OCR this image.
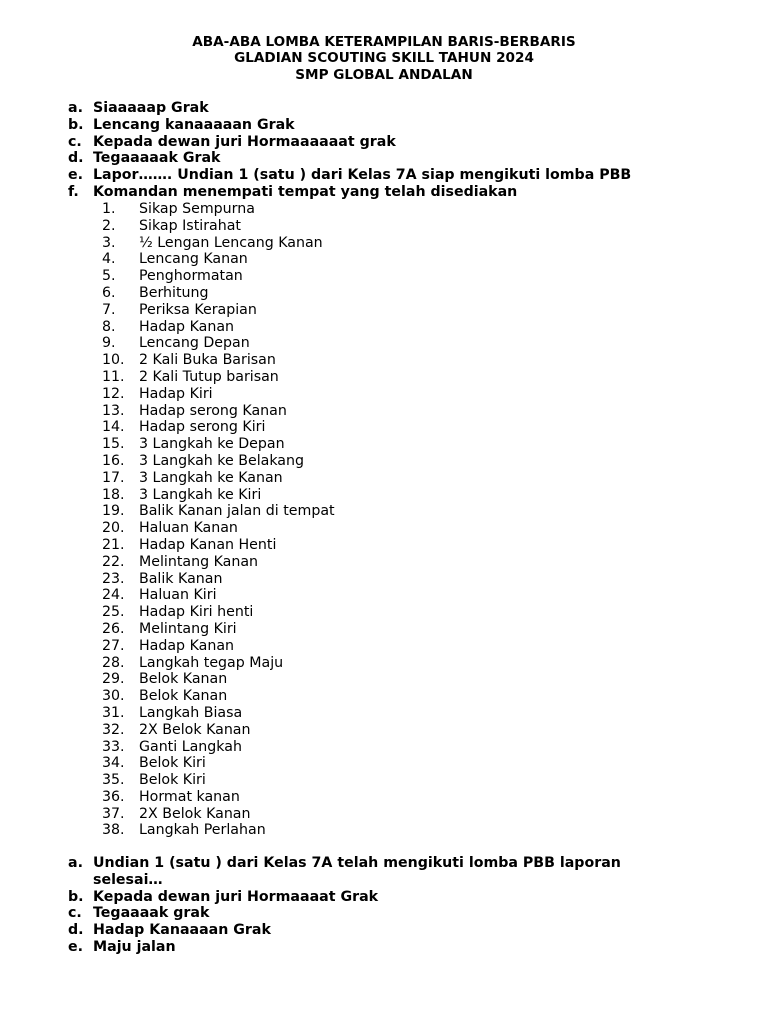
ABA-ABA LOMBA KETERAMPILAN BARIS-BERBARIS
GLADIAN SCOUTING SKILL TAHUN 2024
SMP GLOBAL ANDALAN
a. Siaaaaap Grak
b. Lencang kanaaaaan Grak
c. Kepada dewan juri Hormaaaaaat grak
d. Tegaaaaak Grak
e. Lapor……. Undian 1 (satu ) dari Kelas 7A siap mengikuti lomba PBB
f. Komandan menempati tempat yang telah disediakan
1. Sikap Sempurna
2. Sikap Istirahat
3. ½ Lengan Lencang Kanan
4. Lencang Kanan
5. Penghormatan
6. Berhitung
7. Periksa Kerapian
8. Hadap Kanan
9. Lencang Depan
10. 2 Kali Buka Barisan
11. 2 Kali Tutup barisan
12. Hadap Kiri
13. Hadap serong Kanan
14. Hadap serong Kiri
15. 3 Langkah ke Depan
16. 3 Langkah ke Belakang
17. 3 Langkah ke Kanan
18. 3 Langkah ke Kiri
19. Balik Kanan jalan di tempat
20. Haluan Kanan
21. Hadap Kanan Henti
22. Melintang Kanan
23. Balik Kanan
24. Haluan Kiri
25. Hadap Kiri henti
26. Melintang Kiri
27. Hadap Kanan
28. Langkah tegap Maju
29. Belok Kanan
30. Belok Kanan
31. Langkah Biasa
32. 2X Belok Kanan
33. Ganti Langkah
34. Belok Kiri
35. Belok Kiri
36. Hormat kanan
37. 2X Belok Kanan
38. Langkah Perlahan
a. Undian 1 (satu ) dari Kelas 7A telah mengikuti lomba PBB laporan selesai…
b. Kepada dewan juri Hormaaaat Grak
c. Tegaaaak grak
d. Hadap Kanaaaan Grak
e. Maju jalan
